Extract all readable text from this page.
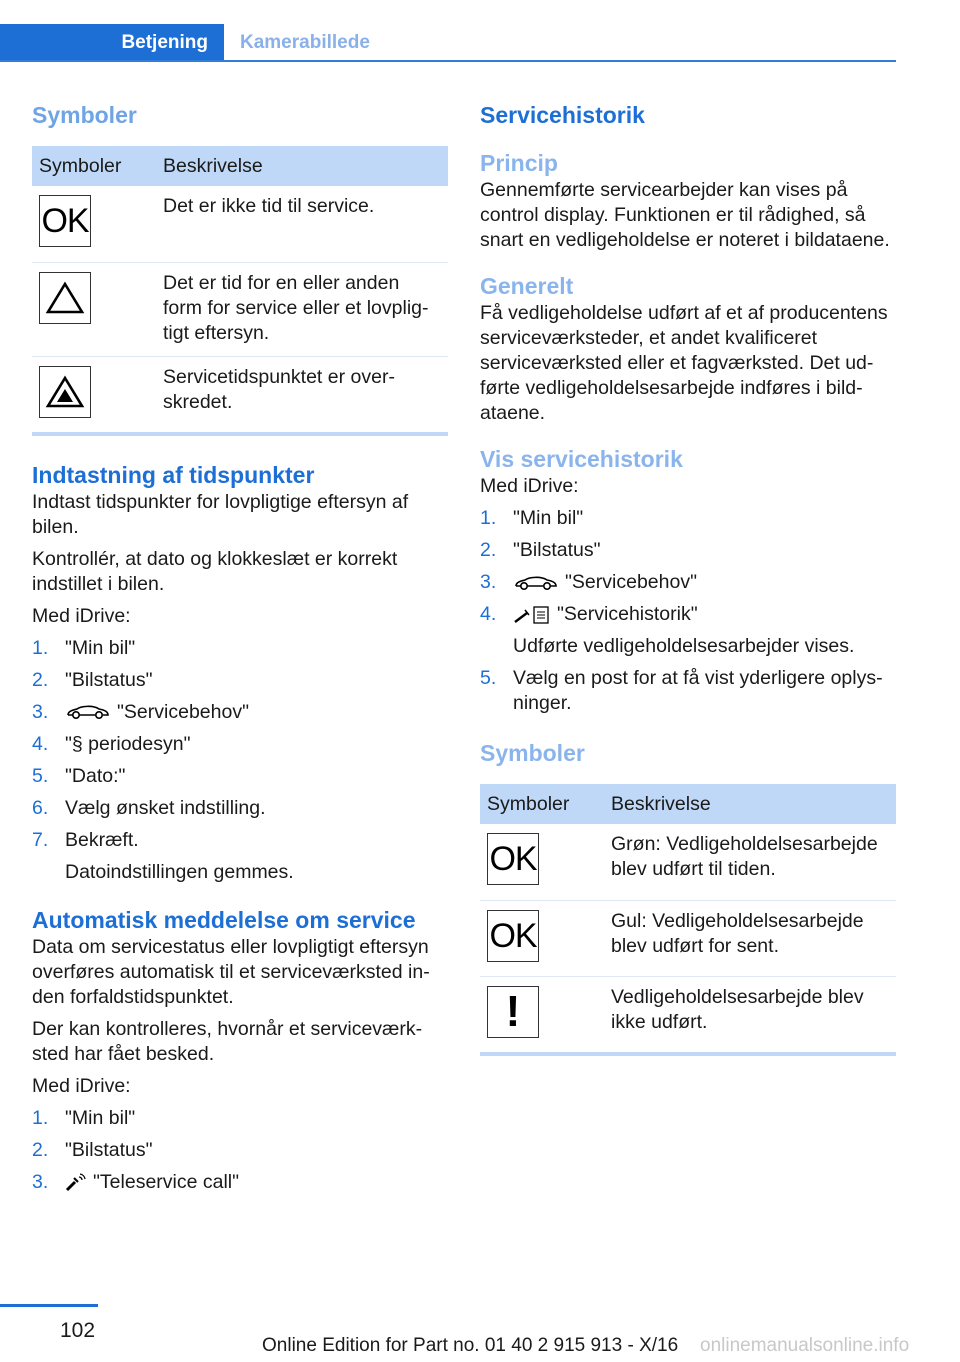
Betjening	Kamerabillede
Symboler
Symboler	Beskrivelse

OK	Det er ikke tid til service.

	Det er tid for en eller anden form for service eller et lovpligtigt eftersyn.

	Servicetidspunktet er overskredet.
Indtastning af tidspunkter

Indtast tidspunkter for lovpligtige eftersyn af bilen.

Kontrollér, at dato og klokkeslæt er korrekt indstillet i bilen.

Med iDrive:

1. "Min bil"
2. "Bilstatus"
3.	"Servicebehov"
4. "§ periodesyn"
5. "Dato:"
6. Vælg ønsket indstilling.
7. Bekræft.
Datoindstillingen gemmes.
Automatisk meddelelse om service

Data om servicestatus eller lovpligtigt eftersyn overføres automatisk til et serviceværksted inden forfaldstidspunktet.

Der kan kontrolleres, hvornår et serviceværksted har fået besked.

Med iDrive:

1. "Min bil"
2. "Bilstatus"
3. "Teleservice call"
Servicehistorik
Princip

Gennemførte servicearbejder kan vises på control display. Funktionen er til rådighed, så snart en vedligeholdelse er noteret i bildataene.

Generelt

Få vedligeholdelse udført af et af producentens serviceværksteder, et andet kvalificeret serviceværksted eller et fagværksted. Det udførte vedligeholdelsesarbejde indføres i bildataene.

Vis servicehistorik

Med iDrive:

1. "Min bil"
2. "Bilstatus"
3.	"Servicebehov"
4.	"Servicehistorik"
Udførte vedligeholdelsesarbejder vises.
5. Vælg en post for at få vist yderligere oplysninger.
Symboler
Symboler	Beskrivelse

OK	Grøn: Vedligeholdelsesarbejde blev udført til tiden.

OK	Gul: Vedligeholdelsesarbejde blev udført for sent.

!	Vedligeholdelsesarbejde blev ikke udført.
102
Online Edition for Part no. 01 40 2 915 913 - X/16 onlinemanualsonline.info
